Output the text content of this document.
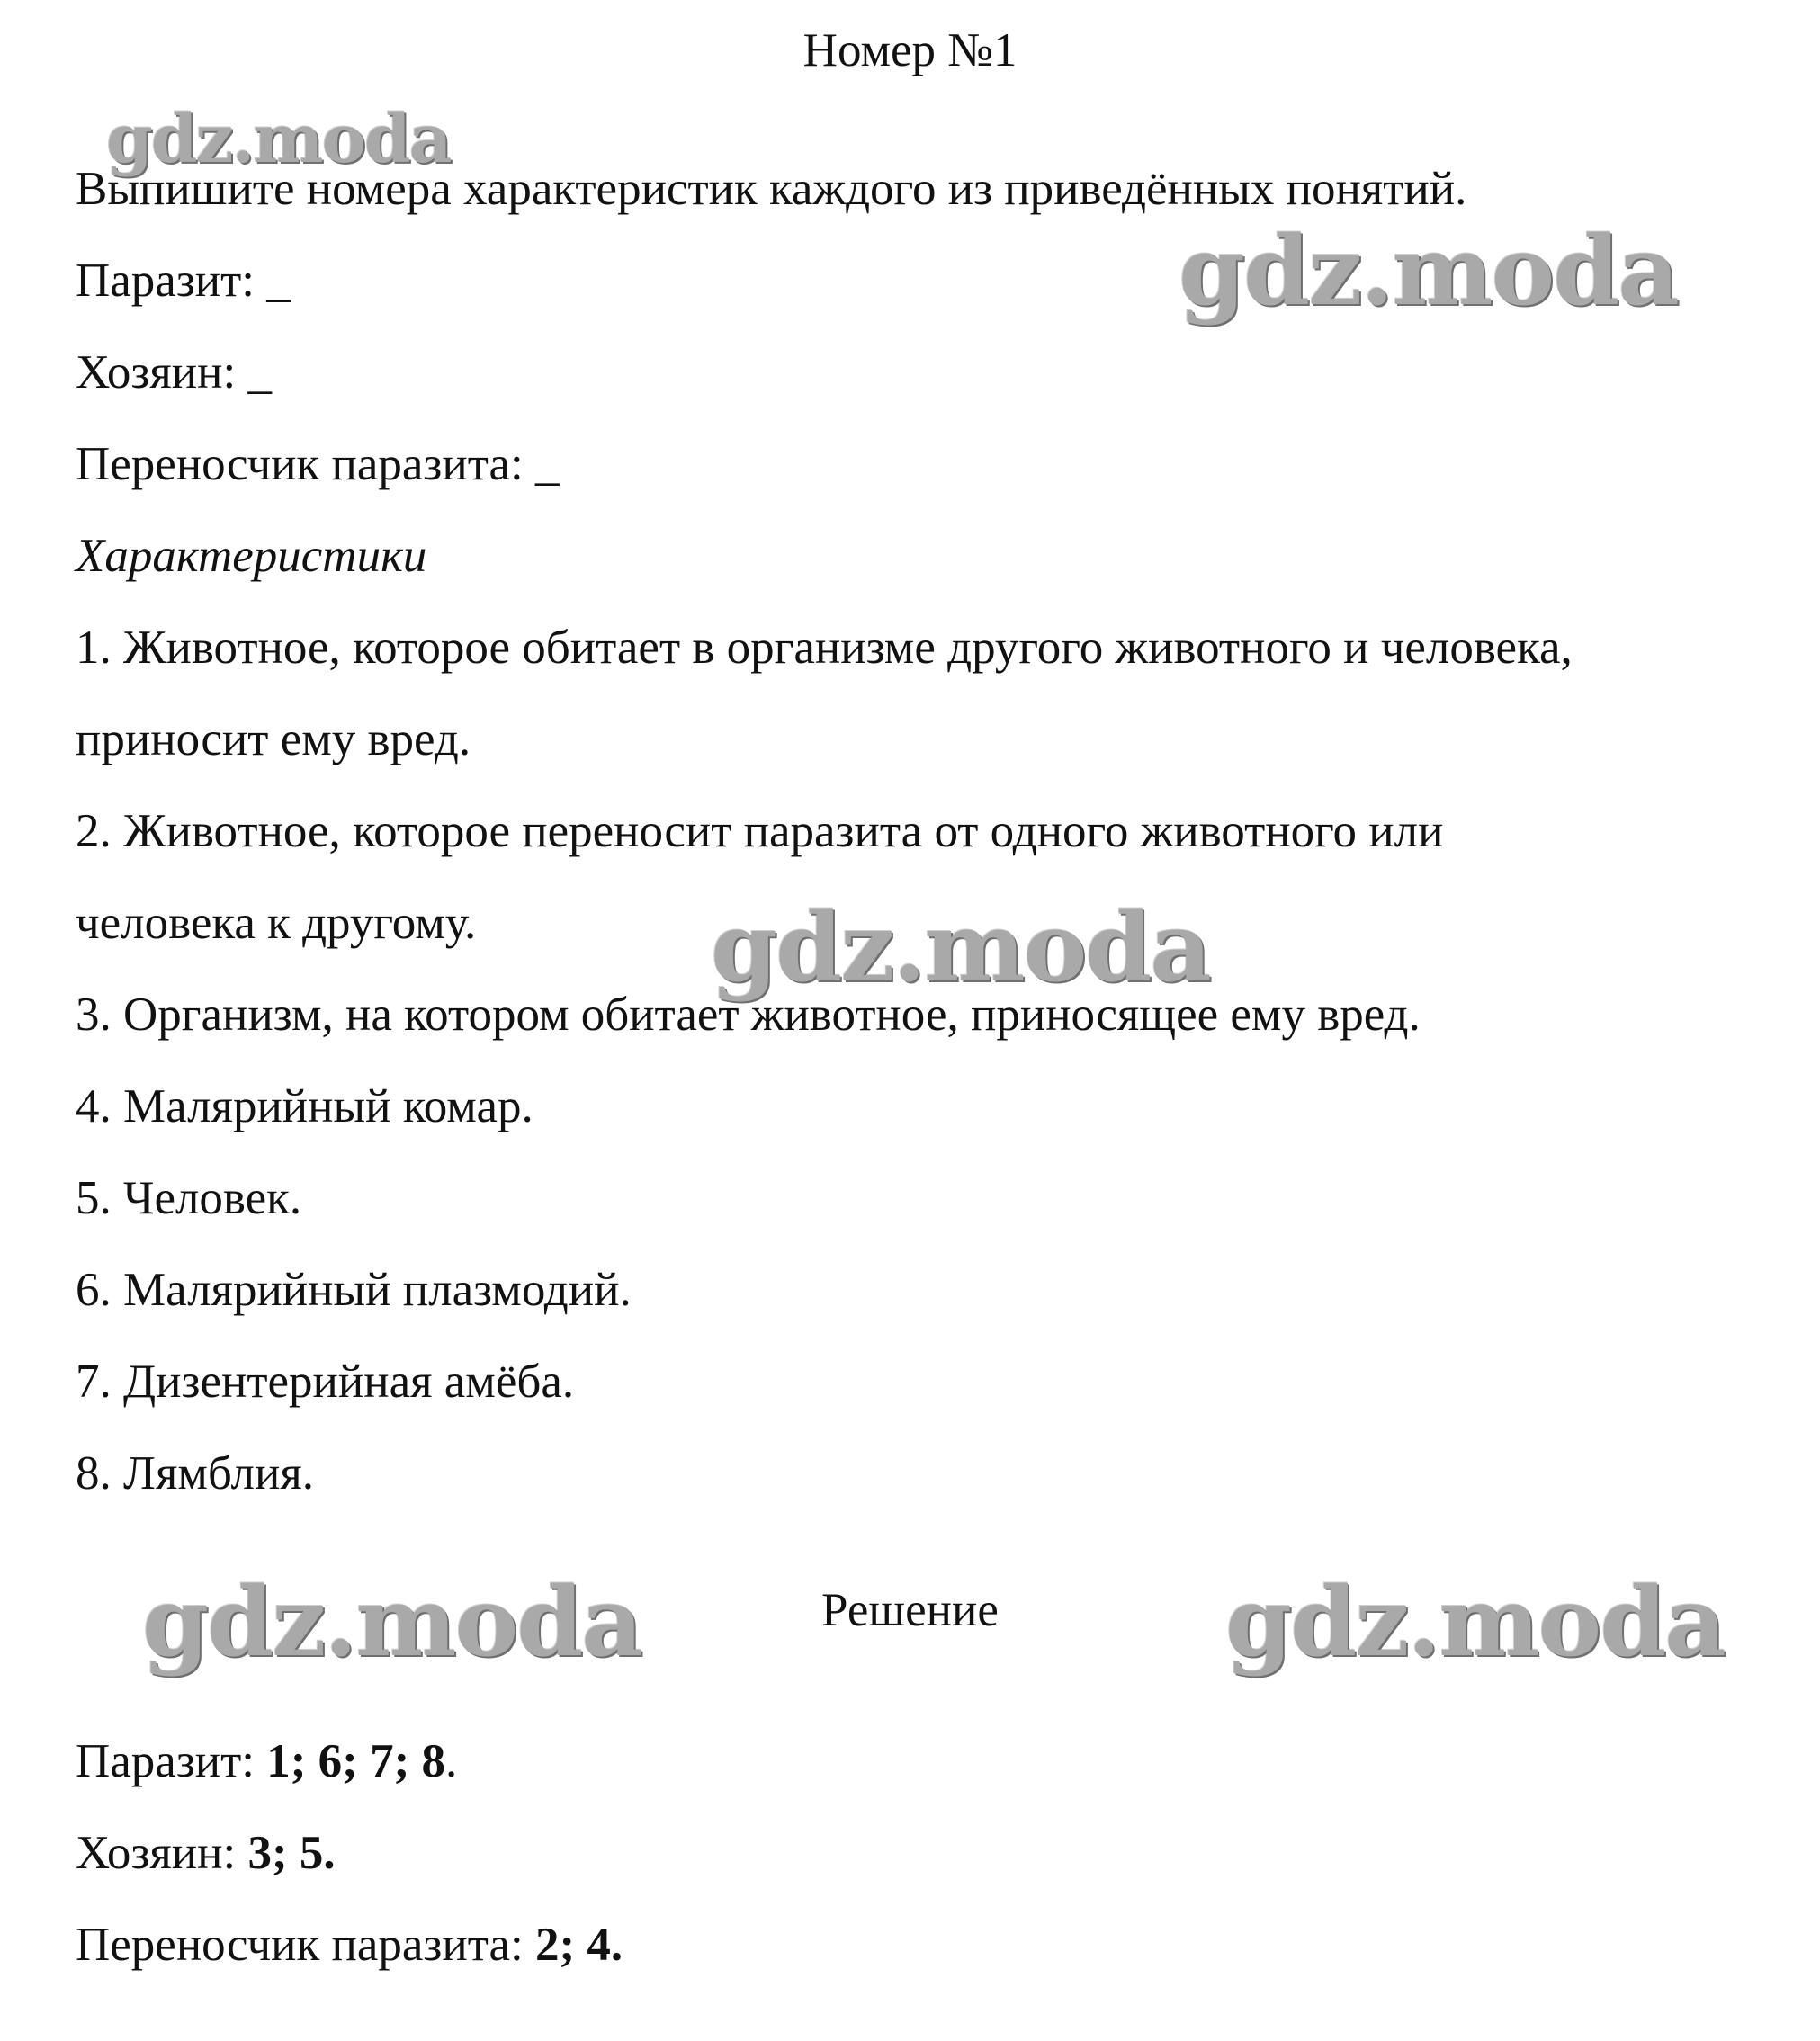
Номер №1
gdz.moda
gdz.moda
gdz.moda
gdz.moda	gdz.moda
Выпишите номера характеристик каждого из приведённых понятий.
Паразит: _
Хозяин: _
Переносчик паразита: _
Характеристики
1. Животное, которое обитает в организме другого животного и человека,
приносит ему вред.
2. Животное, которое переносит паразита от одного животного или
человека к другому.
3. Организм, на котором обитает животное, приносящее ему вред.
4. Малярийный комар.
5. Человек.
6. Малярийный плазмодий.
7. Дизентерийная амёба.
8. Лямблия.
Решение
Паразит: 1; 6; 7; 8.
Хозяин: 3; 5.
Переносчик паразита: 2; 4.
